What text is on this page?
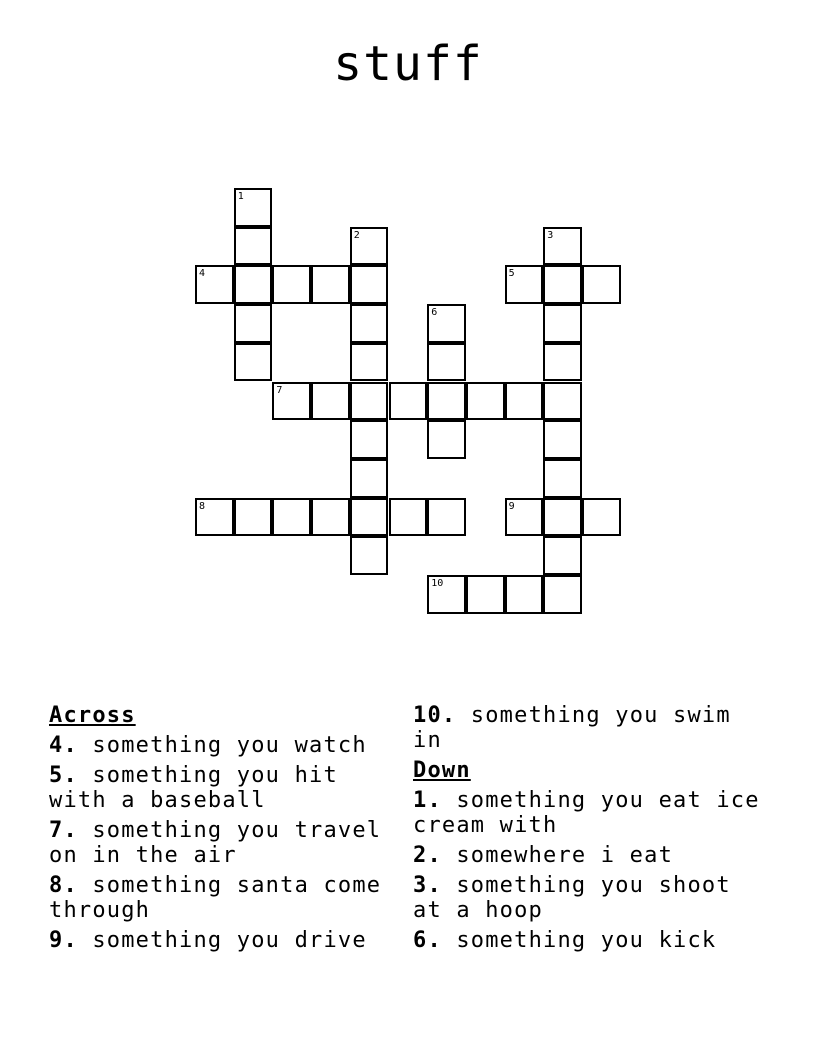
stuff
1
2	3
4	5
6
7
8	9
10
Across
4. something you watch
5. something you hit with a baseball
7. something you travel on in the air
8. something santa come through
9. something you drive
10. something you swim in
Down
1. something you eat ice cream with
2. somewhere i eat
3. something you shoot at a hoop
6. something you kick
